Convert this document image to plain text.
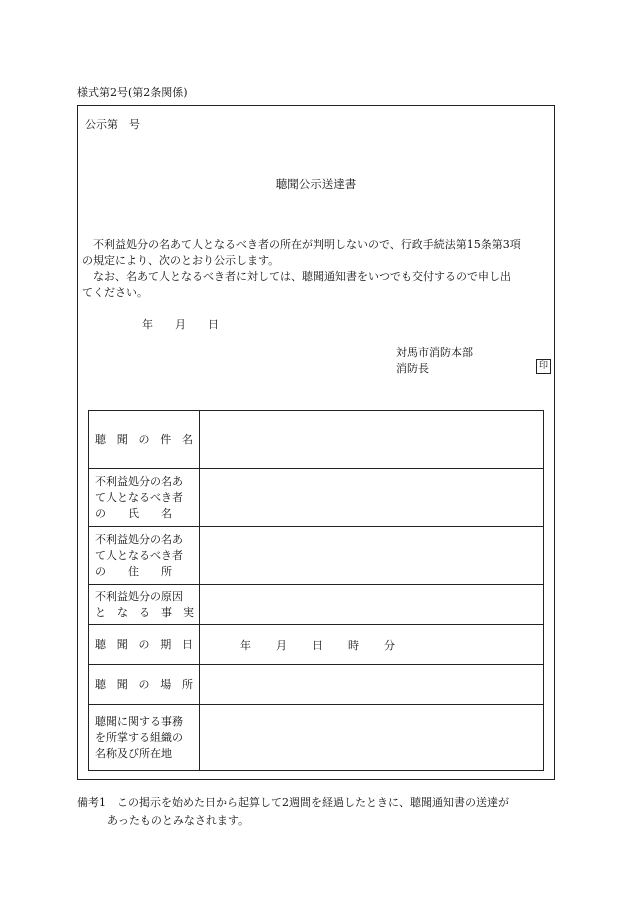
様式第2号(第2条関係)
公示第　号
聴聞公示送達書
　不利益処分の名あて人となるべき者の所在が判明しないので、行政手続法第15条第3項
の規定により、次のとおり公示します。
　なお、名あて人となるべき者に対しては、聴聞通知書をいつでも交付するので申し出
てください。
年　　月　　日
対馬市消防本部
消防長	印
聴 聞 の 件 名	

不利益処分の名あ
て人となるべき者
の　　氏　　名	

不利益処分の名あ
て人となるべき者
の　　住　　所	

不利益処分の原因
と　な　る　事　実	

聴 聞 の 期 日	年 月 日 時 分

聴 聞 の 場 所	

聴聞に関する事務
を所掌する組織の
名称及び所在地	

備考1　この掲示を始めた日から起算して2週間を経過したときに、聴聞通知書の送達が
あったものとみなされます。
